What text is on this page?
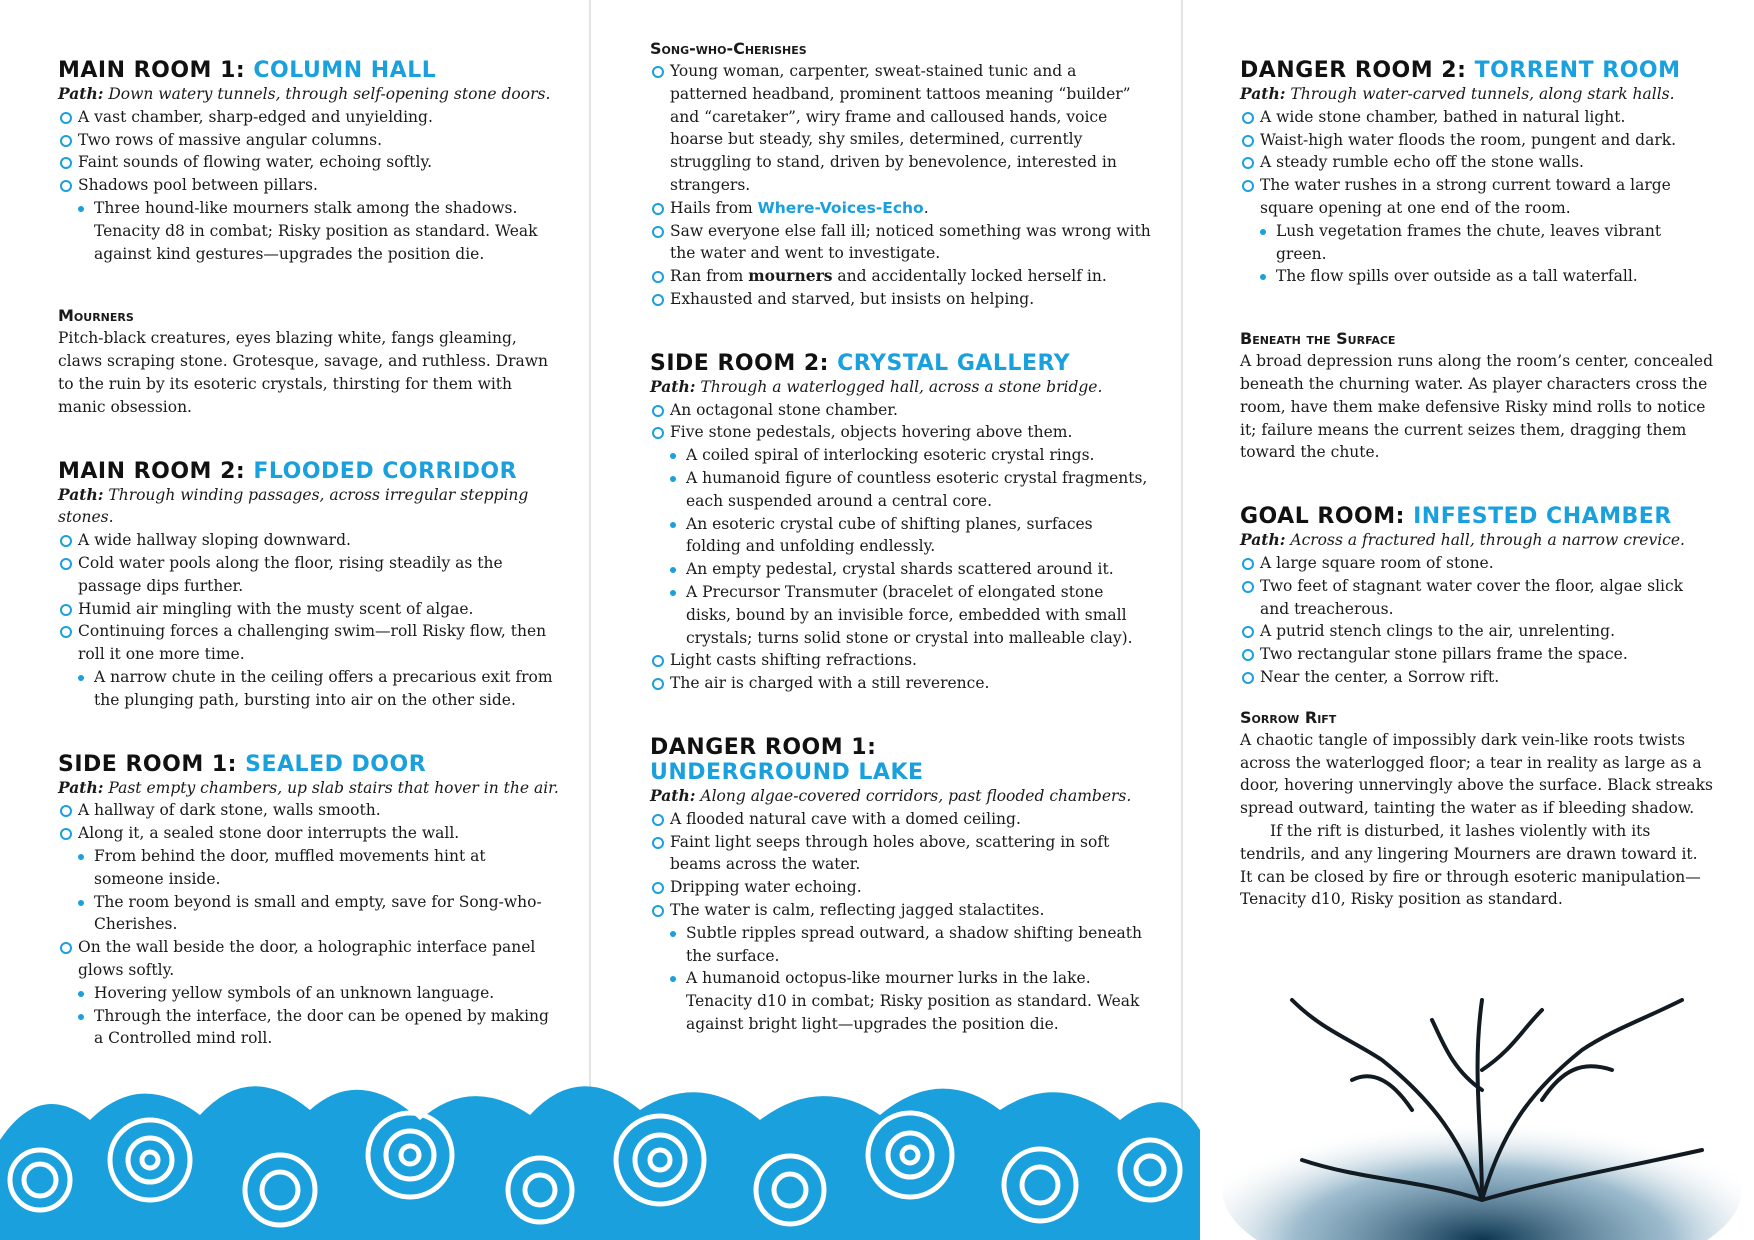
MAIN ROOM 1: COLUMN HALL

Path: Down watery tunnels, through self-opening stone doors.

A vast chamber, sharp-edged and unyielding.
Two rows of massive angular columns.
Faint sounds of flowing water, echoing softly.
Shadows pool between pillars.
Three hound-like mourners stalk among the shadows. Tenacity d8 in combat; Risky position as standard. Weak against kind gestures—upgrades the position die.

Mourners

Pitch-black creatures, eyes blazing white, fangs gleaming, claws scraping stone. Grotesque, savage, and ruthless. Drawn to the ruin by its esoteric crystals, thirsting for them with manic obsession.

MAIN ROOM 2: FLOODED CORRIDOR

Path: Through winding passages, across irregular stepping stones.

A wide hallway sloping downward.
Cold water pools along the floor, rising steadily as the passage dips further.
Humid air mingling with the musty scent of algae.
Continuing forces a challenging swim—roll Risky flow, then roll it one more time.
A narrow chute in the ceiling offers a precarious exit from the plunging path, bursting into air on the other side.
SIDE ROOM 1: SEALED DOOR

Path: Past empty chambers, up slab stairs that hover in the air.

A hallway of dark stone, walls smooth.
Along it, a sealed stone door interrupts the wall.
From behind the door, muffled movements hint at someone inside.
The room beyond is small and empty, save for Song-who-Cherishes.
On the wall beside the door, a holographic interface panel glows softly.
Hovering yellow symbols of an unknown language.
Through the interface, the door can be opened by making a Controlled mind roll.

Song-who-Cherishes

Young woman, carpenter, sweat-stained tunic and a patterned headband, prominent tattoos meaning “builder” and “caretaker”, wiry frame and calloused hands, voice hoarse but steady, shy smiles, determined, currently struggling to stand, driven by benevolence, interested in strangers.
Hails from Where-Voices-Echo.
Saw everyone else fall ill; noticed something was wrong with the water and went to investigate.
Ran from mourners and accidentally locked herself in.
Exhausted and starved, but insists on helping.
SIDE ROOM 2: CRYSTAL GALLERY

Path: Through a waterlogged hall, across a stone bridge.

An octagonal stone chamber.
Five stone pedestals, objects hovering above them.
A coiled spiral of interlocking esoteric crystal rings.
A humanoid figure of countless esoteric crystal fragments, each suspended around a central core.
An esoteric crystal cube of shifting planes, surfaces folding and unfolding endlessly.
An empty pedestal, crystal shards scattered around it.
A Precursor Transmuter (bracelet of elongated stone disks, bound by an invisible force, embedded with small crystals; turns solid stone or crystal into malleable clay).
Light casts shifting refractions.
The air is charged with a still reverence.
DANGER ROOM 1:
UNDERGROUND LAKE

Path: Along algae-covered corridors, past flooded chambers.

A flooded natural cave with a domed ceiling.
Faint light seeps through holes above, scattering in soft beams across the water.
Dripping water echoing.
The water is calm, reflecting jagged stalactites.
Subtle ripples spread outward, a shadow shifting beneath the surface.
A humanoid octopus-like mourner lurks in the lake. Tenacity d10 in combat; Risky position as standard. Weak against bright light—upgrades the position die.
DANGER ROOM 2: TORRENT ROOM

Path: Through water-carved tunnels, along stark halls.

A wide stone chamber, bathed in natural light.
Waist-high water floods the room, pungent and dark.
A steady rumble echo off the stone walls.
The water rushes in a strong current toward a large square opening at one end of the room.
Lush vegetation frames the chute, leaves vibrant green.
The flow spills over outside as a tall waterfall.

Beneath the Surface

A broad depression runs along the room’s center, concealed beneath the churning water. As player characters cross the room, have them make defensive Risky mind rolls to notice it; failure means the current seizes them, dragging them toward the chute.

GOAL ROOM: INFESTED CHAMBER

Path: Across a fractured hall, through a narrow crevice.

A large square room of stone.
Two feet of stagnant water cover the floor, algae slick and treacherous.
A putrid stench clings to the air, unrelenting.
Two rectangular stone pillars frame the space.
Near the center, a Sorrow rift.

Sorrow Rift

A chaotic tangle of impossibly dark vein-like roots twists across the waterlogged floor; a tear in reality as large as a door, hovering unnervingly above the surface. Black streaks spread outward, tainting the water as if bleeding shadow.

If the rift is disturbed, it lashes violently with its tendrils, and any lingering Mourners are drawn toward it. It can be closed by fire or through esoteric manipulation—Tenacity d10, Risky position as standard.
